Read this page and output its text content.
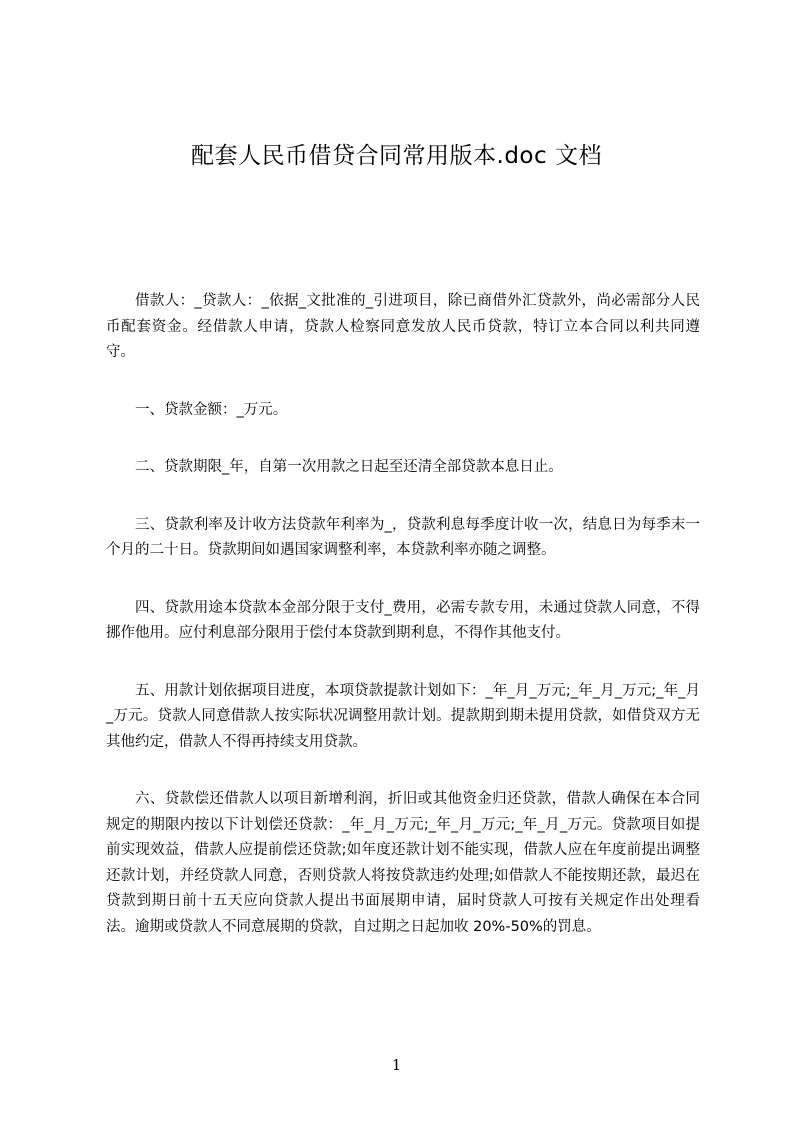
配套人民币借贷合同常用版本.doc 文档

借款人：_贷款人：_依据_文批准的_引进项目，除已商借外汇贷款外，尚必需部分人民币配套资金。经借款人申请，贷款人检察同意发放人民币贷款，特订立本合同以利共同遵守。

一、贷款金额：_万元。

二、贷款期限_年，自第一次用款之日起至还清全部贷款本息日止。

三、贷款利率及计收方法贷款年利率为_，贷款利息每季度计收一次，结息日为每季末一个月的二十日。贷款期间如遇国家调整利率，本贷款利率亦随之调整。

四、贷款用途本贷款本金部分限于支付_费用，必需专款专用，未通过贷款人同意，不得挪作他用。应付利息部分限用于偿付本贷款到期利息，不得作其他支付。

五、用款计划依据项目进度，本项贷款提款计划如下：_年_月_万元;_年_月_万元;_年_月_万元。贷款人同意借款人按实际状况调整用款计划。提款期到期未提用贷款，如借贷双方无其他约定，借款人不得再持续支用贷款。

六、贷款偿还借款人以项目新增利润，折旧或其他资金归还贷款，借款人确保在本合同规定的期限内按以下计划偿还贷款：_年_月_万元;_年_月_万元;_年_月_万元。贷款项目如提前实现效益，借款人应提前偿还贷款;如年度还款计划不能实现，借款人应在年度前提出调整还款计划，并经贷款人同意，否则贷款人将按贷款违约处理;如借款人不能按期还款，最迟在贷款到期日前十五天应向贷款人提出书面展期申请，届时贷款人可按有关规定作出处理看法。逾期或贷款人不同意展期的贷款，自过期之日起加收 20%-50%的罚息。

1
